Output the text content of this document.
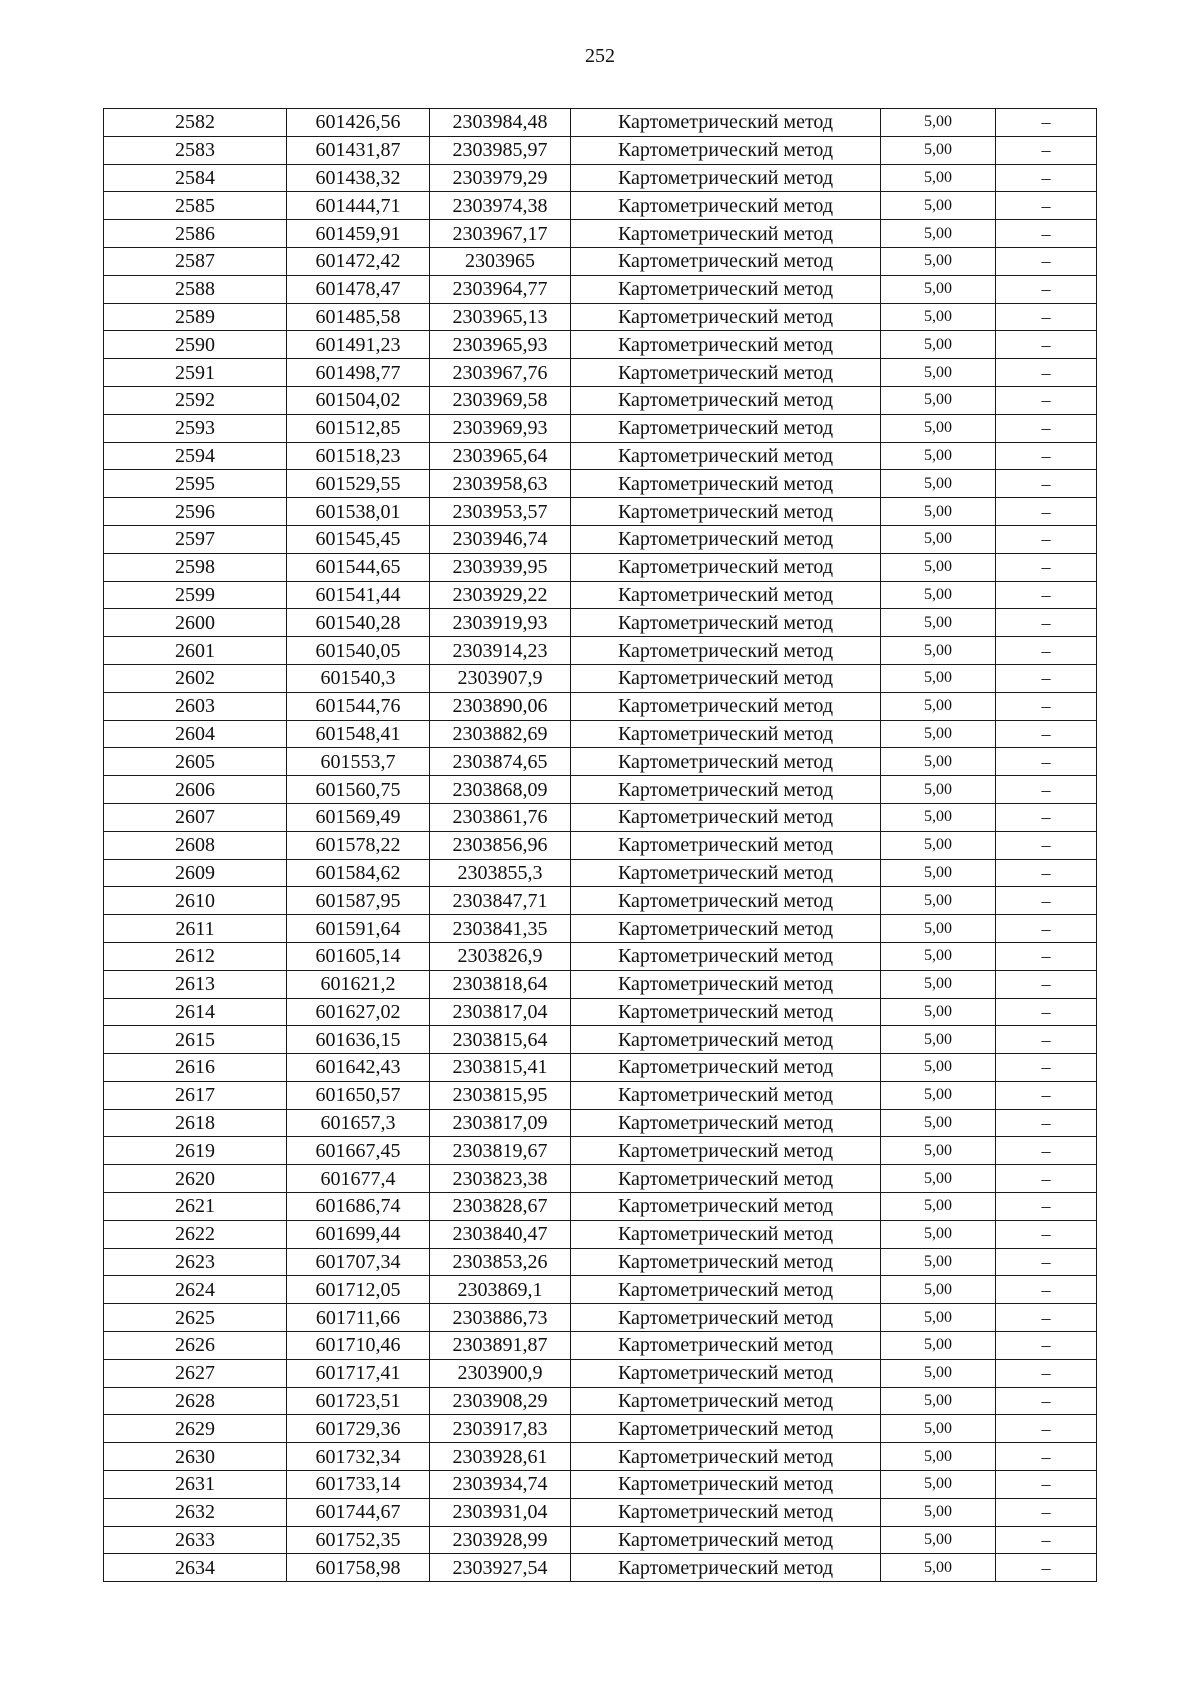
252
2582	601426,56	2303984,48	Картометрический метод	5,00	–
2583	601431,87	2303985,97	Картометрический метод	5,00	–
2584	601438,32	2303979,29	Картометрический метод	5,00	–
2585	601444,71	2303974,38	Картометрический метод	5,00	–
2586	601459,91	2303967,17	Картометрический метод	5,00	–
2587	601472,42	2303965	Картометрический метод	5,00	–
2588	601478,47	2303964,77	Картометрический метод	5,00	–
2589	601485,58	2303965,13	Картометрический метод	5,00	–
2590	601491,23	2303965,93	Картометрический метод	5,00	–
2591	601498,77	2303967,76	Картометрический метод	5,00	–
2592	601504,02	2303969,58	Картометрический метод	5,00	–
2593	601512,85	2303969,93	Картометрический метод	5,00	–
2594	601518,23	2303965,64	Картометрический метод	5,00	–
2595	601529,55	2303958,63	Картометрический метод	5,00	–
2596	601538,01	2303953,57	Картометрический метод	5,00	–
2597	601545,45	2303946,74	Картометрический метод	5,00	–
2598	601544,65	2303939,95	Картометрический метод	5,00	–
2599	601541,44	2303929,22	Картометрический метод	5,00	–
2600	601540,28	2303919,93	Картометрический метод	5,00	–
2601	601540,05	2303914,23	Картометрический метод	5,00	–
2602	601540,3	2303907,9	Картометрический метод	5,00	–
2603	601544,76	2303890,06	Картометрический метод	5,00	–
2604	601548,41	2303882,69	Картометрический метод	5,00	–
2605	601553,7	2303874,65	Картометрический метод	5,00	–
2606	601560,75	2303868,09	Картометрический метод	5,00	–
2607	601569,49	2303861,76	Картометрический метод	5,00	–
2608	601578,22	2303856,96	Картометрический метод	5,00	–
2609	601584,62	2303855,3	Картометрический метод	5,00	–
2610	601587,95	2303847,71	Картометрический метод	5,00	–
2611	601591,64	2303841,35	Картометрический метод	5,00	–
2612	601605,14	2303826,9	Картометрический метод	5,00	–
2613	601621,2	2303818,64	Картометрический метод	5,00	–
2614	601627,02	2303817,04	Картометрический метод	5,00	–
2615	601636,15	2303815,64	Картометрический метод	5,00	–
2616	601642,43	2303815,41	Картометрический метод	5,00	–
2617	601650,57	2303815,95	Картометрический метод	5,00	–
2618	601657,3	2303817,09	Картометрический метод	5,00	–
2619	601667,45	2303819,67	Картометрический метод	5,00	–
2620	601677,4	2303823,38	Картометрический метод	5,00	–
2621	601686,74	2303828,67	Картометрический метод	5,00	–
2622	601699,44	2303840,47	Картометрический метод	5,00	–
2623	601707,34	2303853,26	Картометрический метод	5,00	–
2624	601712,05	2303869,1	Картометрический метод	5,00	–
2625	601711,66	2303886,73	Картометрический метод	5,00	–
2626	601710,46	2303891,87	Картометрический метод	5,00	–
2627	601717,41	2303900,9	Картометрический метод	5,00	–
2628	601723,51	2303908,29	Картометрический метод	5,00	–
2629	601729,36	2303917,83	Картометрический метод	5,00	–
2630	601732,34	2303928,61	Картометрический метод	5,00	–
2631	601733,14	2303934,74	Картометрический метод	5,00	–
2632	601744,67	2303931,04	Картометрический метод	5,00	–
2633	601752,35	2303928,99	Картометрический метод	5,00	–
2634	601758,98	2303927,54	Картометрический метод	5,00	–
